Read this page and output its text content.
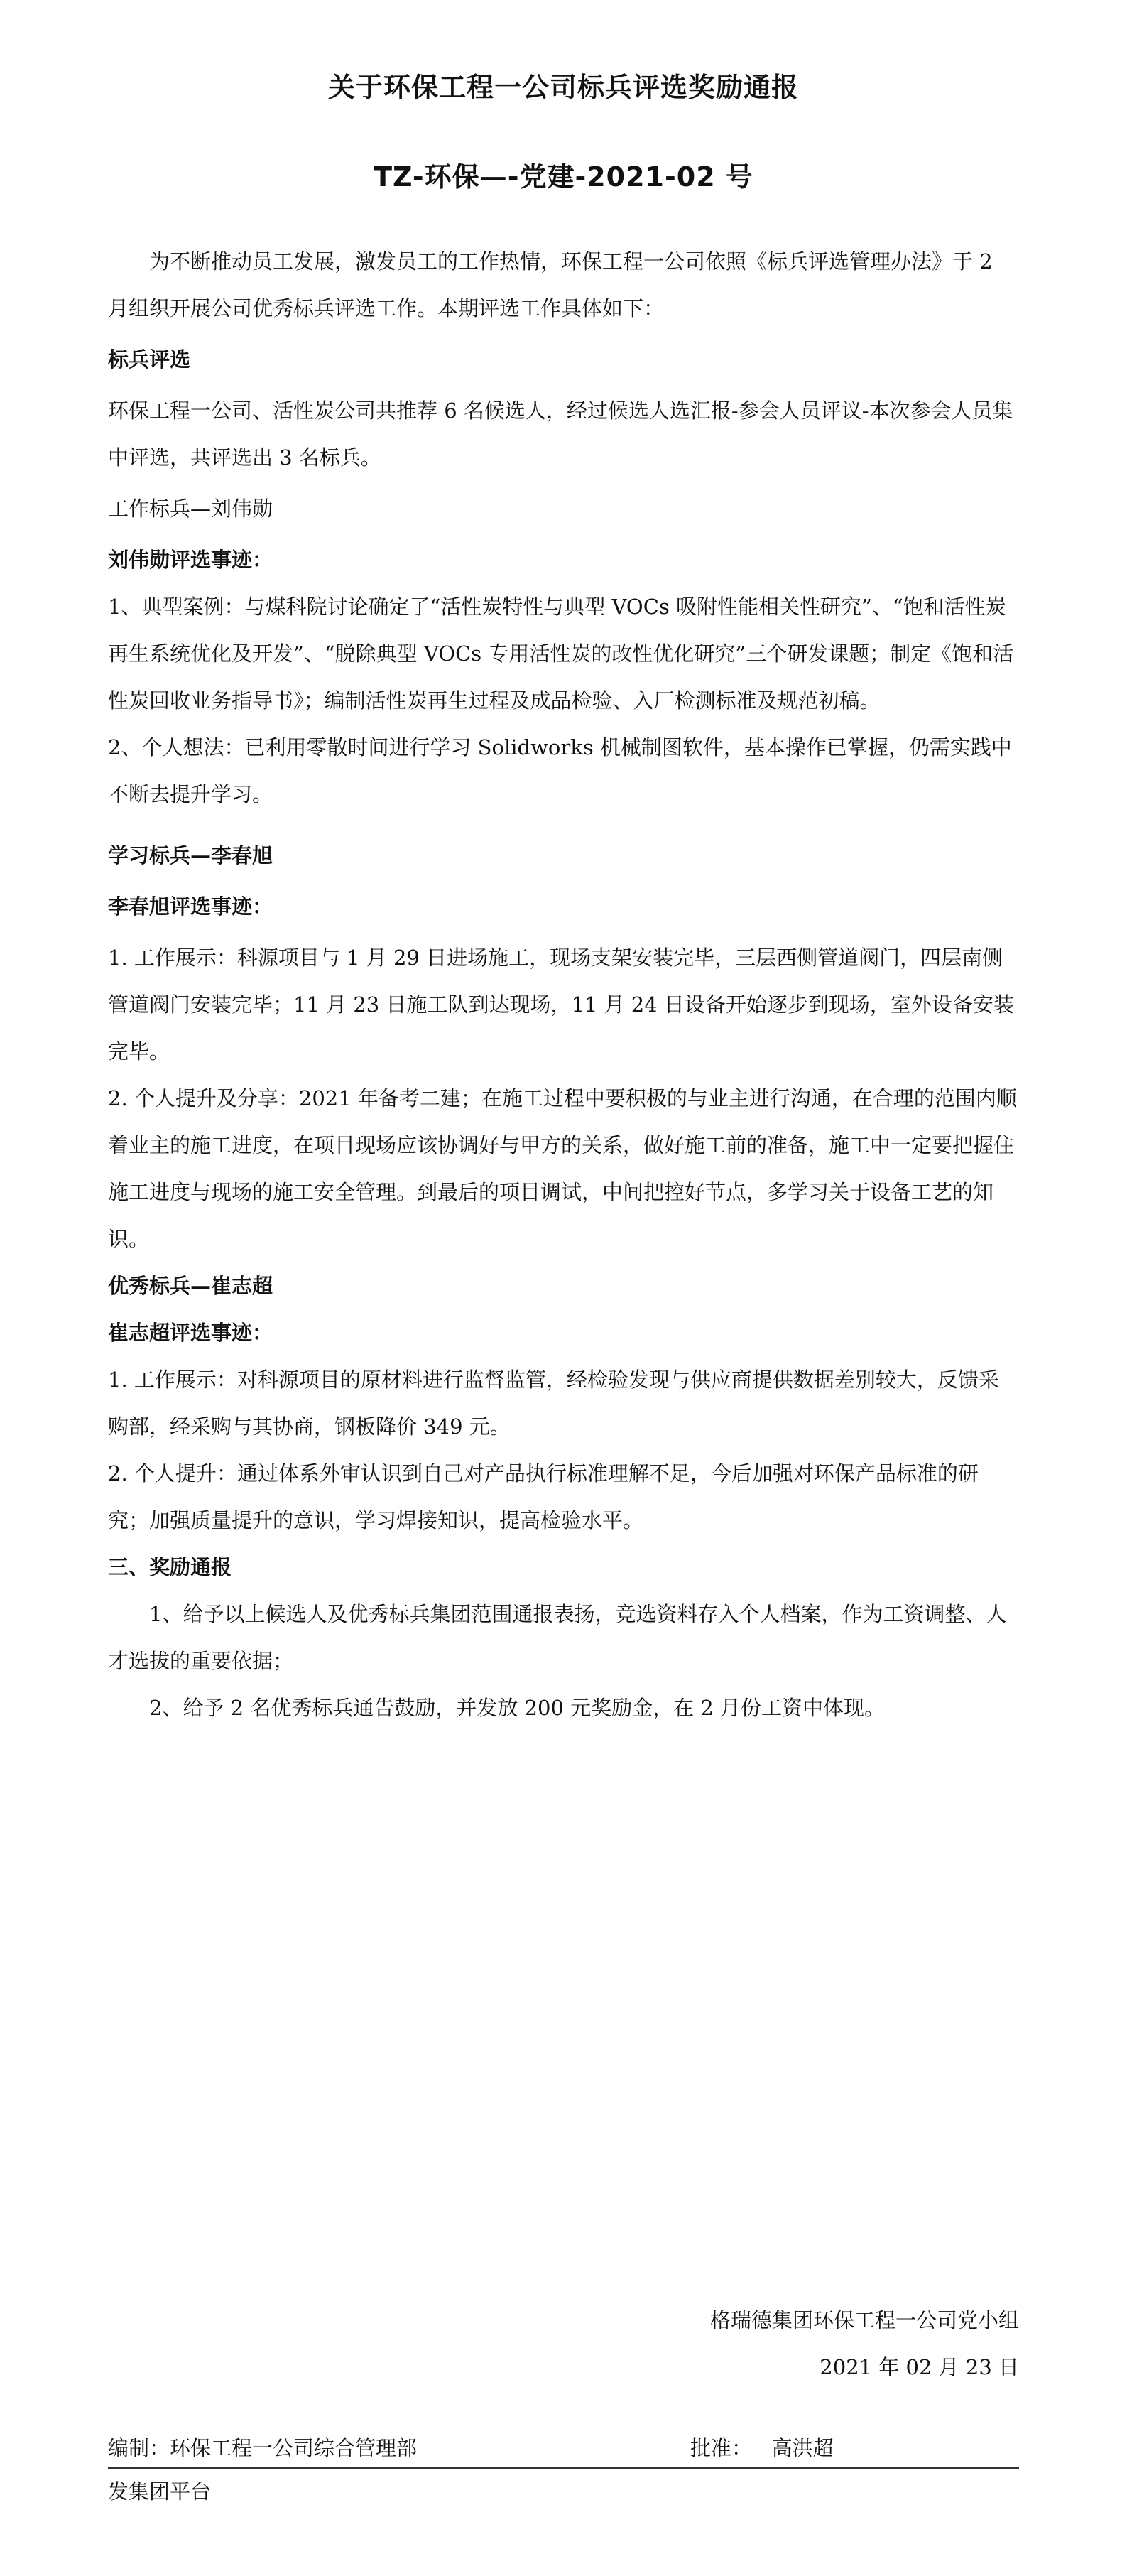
关于环保工程一公司标兵评选奖励通报
TZ-环保—-党建-2021-02 号

为不断推动员工发展，激发员工的工作热情，环保工程一公司依照《标兵评选管理办法》于 2 月组织开展公司优秀标兵评选工作。本期评选工作具体如下：

标兵评选

环保工程一公司、活性炭公司共推荐 6 名候选人，经过候选人选汇报-参会人员评议-本次参会人员集中评选，共评选出 3 名标兵。

工作标兵—刘伟勋

刘伟勋评选事迹：

1、典型案例：与煤科院讨论确定了“活性炭特性与典型 VOCs 吸附性能相关性研究”、“饱和活性炭再生系统优化及开发”、“脱除典型 VOCs 专用活性炭的改性优化研究”三个研发课题；制定《饱和活性炭回收业务指导书》；编制活性炭再生过程及成品检验、入厂检测标准及规范初稿。

2、个人想法：已利用零散时间进行学习 Solidworks 机械制图软件，基本操作已掌握，仍需实践中不断去提升学习。

学习标兵—李春旭

李春旭评选事迹：

1. 工作展示：科源项目与 1 月 29 日进场施工，现场支架安装完毕，三层西侧管道阀门，四层南侧管道阀门安装完毕；11 月 23 日施工队到达现场，11 月 24 日设备开始逐步到现场，室外设备安装完毕。

2. 个人提升及分享：2021 年备考二建；在施工过程中要积极的与业主进行沟通，在合理的范围内顺着业主的施工进度，在项目现场应该协调好与甲方的关系，做好施工前的准备，施工中一定要把握住施工进度与现场的施工安全管理。到最后的项目调试，中间把控好节点，多学习关于设备工艺的知识。

优秀标兵—崔志超

崔志超评选事迹：

1. 工作展示：对科源项目的原材料进行监督监管，经检验发现与供应商提供数据差别较大，反馈采购部，经采购与其协商，钢板降价 349 元。

2. 个人提升：通过体系外审认识到自己对产品执行标准理解不足，今后加强对环保产品标准的研究；加强质量提升的意识，学习焊接知识，提高检验水平。

三、奖励通报

1、给予以上候选人及优秀标兵集团范围通报表扬，竞选资料存入个人档案，作为工资调整、人才选拔的重要依据；

2、给予 2 名优秀标兵通告鼓励，并发放 200 元奖励金，在 2 月份工资中体现。

格瑞德集团环保工程一公司党小组
2021 年 02 月 23 日
编制：环保工程一公司综合管理部	批准：   高洪超
发集团平台
